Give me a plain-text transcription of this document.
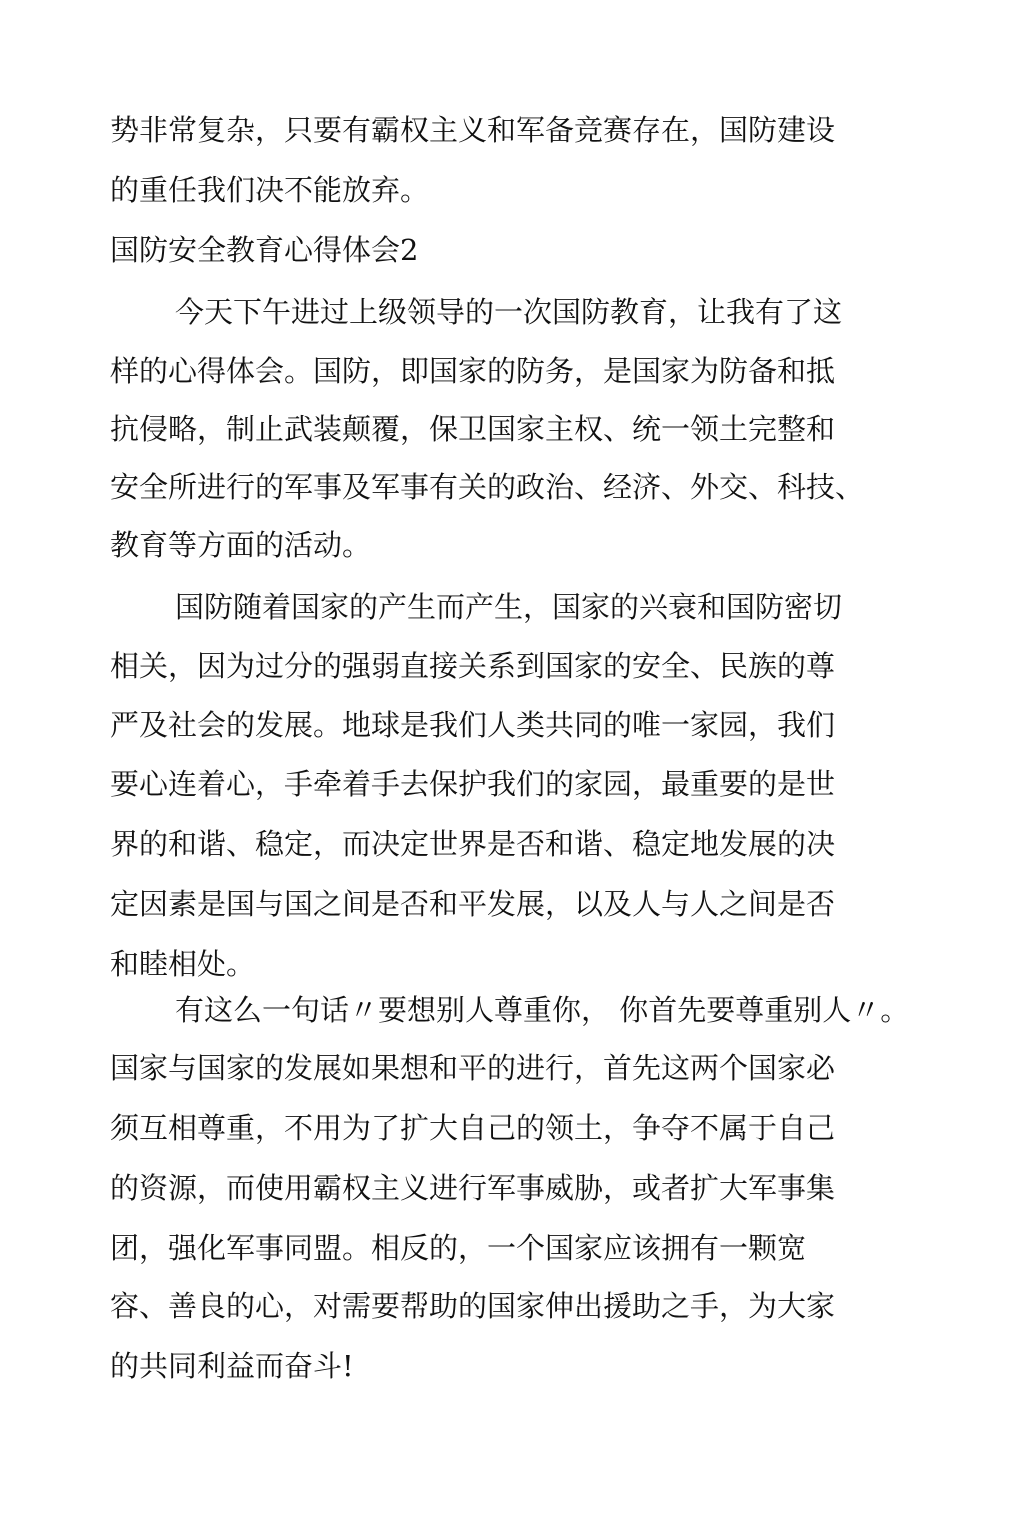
势非常复杂，只要有霸权主义和军备竞赛存在，国防建设

的重任我们决不能放弃。

国防安全教育心得体会2

今天下午进过上级领导的一次国防教育，让我有了这

样的心得体会。国防，即国家的防务，是国家为防备和抵

抗侵略，制止武装颠覆，保卫国家主权、统一领土完整和

安全所进行的军事及军事有关的政治、经济、外交、科技、

教育等方面的活动。

国防随着国家的产生而产生，国家的兴衰和国防密切

相关，因为过分的强弱直接关系到国家的安全、民族的尊

严及社会的发展。地球是我们人类共同的唯一家园，我们

要心连着心，手牵着手去保护我们的家园，最重要的是世

界的和谐、稳定，而决定世界是否和谐、稳定地发展的决

定因素是国与国之间是否和平发展，以及人与人之间是否

和睦相处。

有这么一句话〃要想别人尊重你， 你首先要尊重别人〃。

国家与国家的发展如果想和平的进行，首先这两个国家必

须互相尊重，不用为了扩大自己的领土，争夺不属于自己

的资源，而使用霸权主义进行军事威胁，或者扩大军事集

团，强化军事同盟。相反的，一个国家应该拥有一颗宽

容、善良的心，对需要帮助的国家伸出援助之手，为大家

的共同利益而奋斗!
